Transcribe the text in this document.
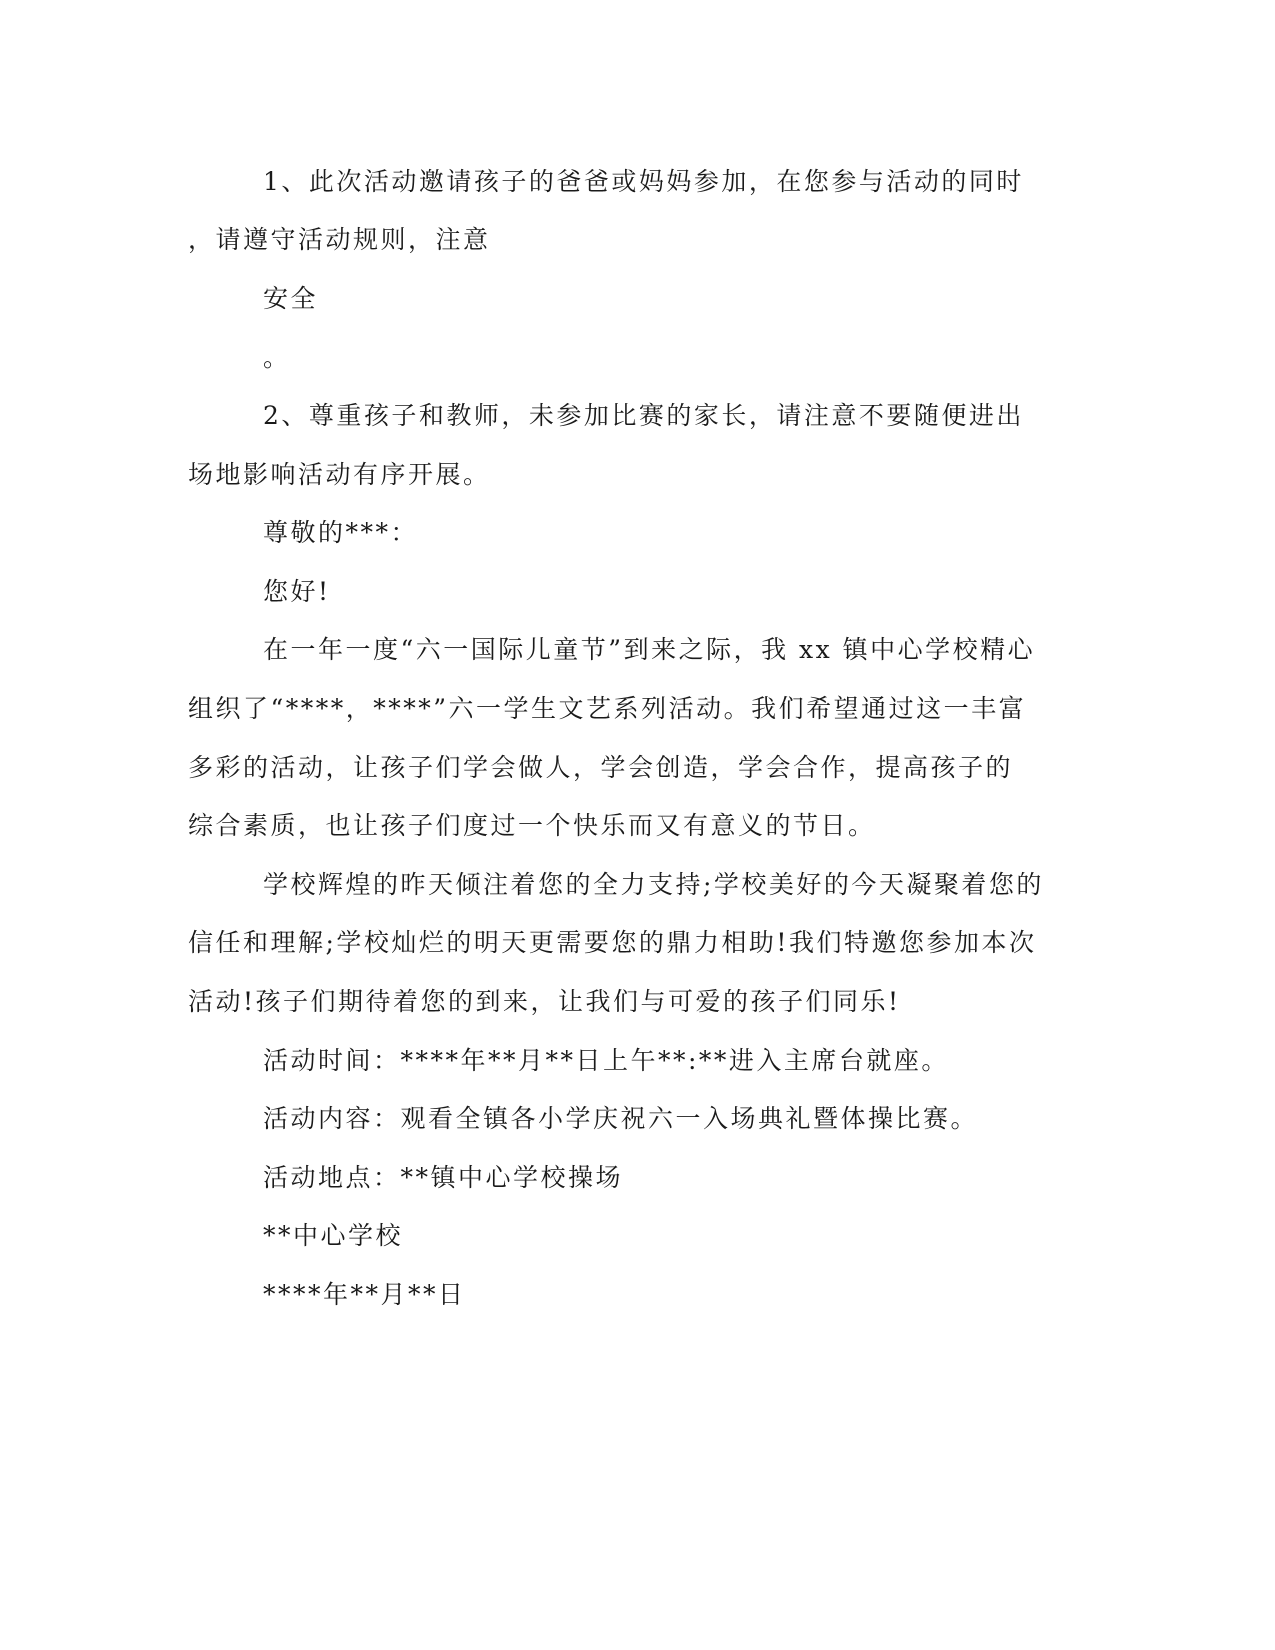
1、此次活动邀请孩子的爸爸或妈妈参加，在您参与活动的同时
，请遵守活动规则，注意
安全
。
2、尊重孩子和教师，未参加比赛的家长，请注意不要随便进出
场地影响活动有序开展。
尊敬的***：
您好!
在一年一度“六一国际儿童节”到来之际，我 xx 镇中心学校精心
组织了“****，****”六一学生文艺系列活动。我们希望通过这一丰富
多彩的活动，让孩子们学会做人，学会创造，学会合作，提高孩子的
综合素质，也让孩子们度过一个快乐而又有意义的节日。
学校辉煌的昨天倾注着您的全力支持;学校美好的今天凝聚着您的
信任和理解;学校灿烂的明天更需要您的鼎力相助!我们特邀您参加本次
活动!孩子们期待着您的到来，让我们与可爱的孩子们同乐!
活动时间：****年**月**日上午**:**进入主席台就座。
活动内容：观看全镇各小学庆祝六一入场典礼暨体操比赛。
活动地点：**镇中心学校操场
**中心学校
****年**月**日
